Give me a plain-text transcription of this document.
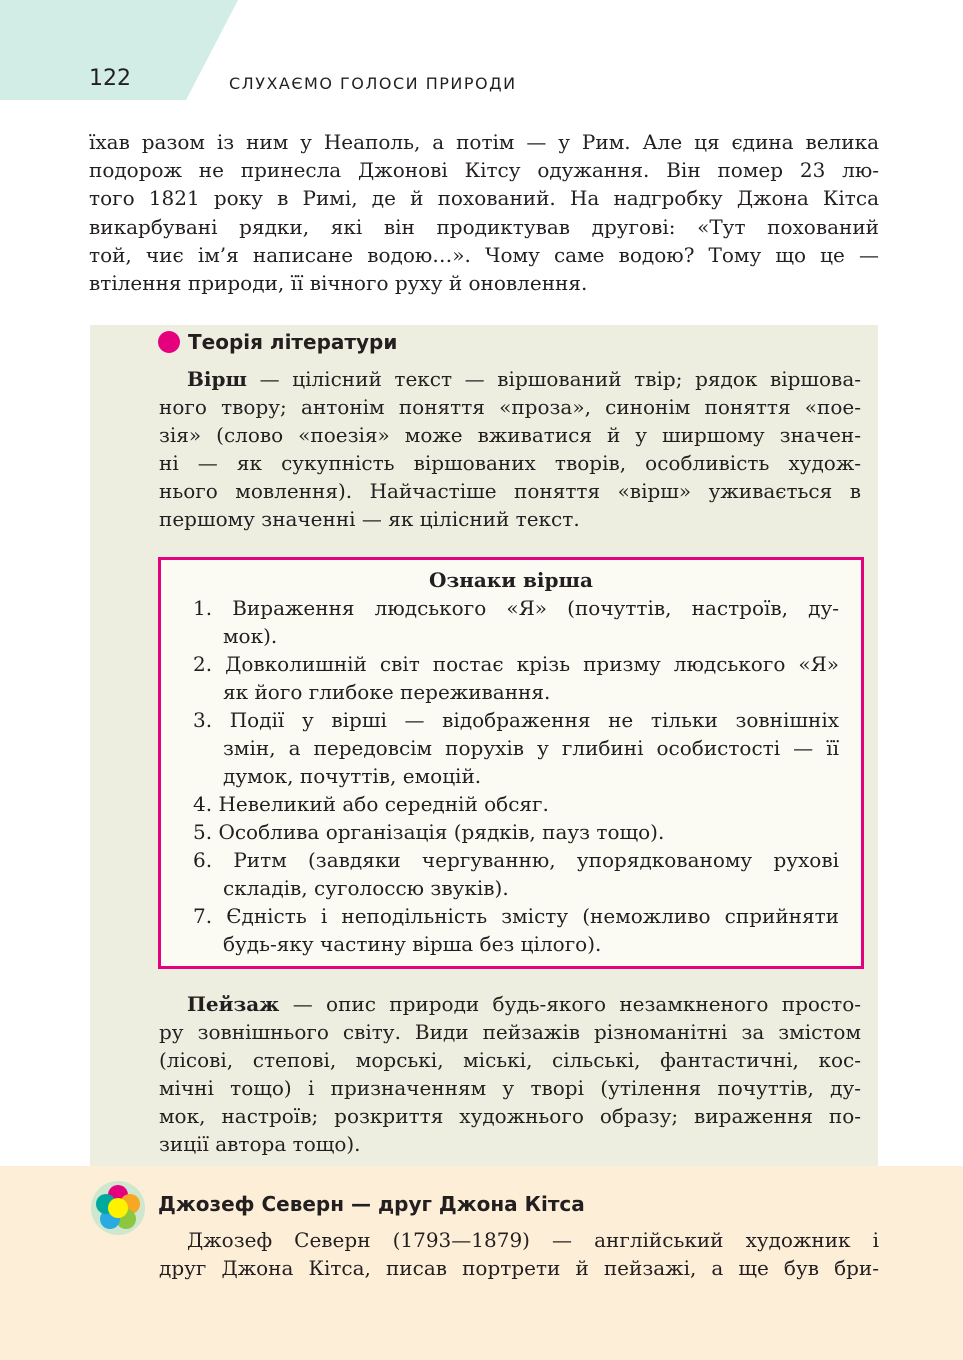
122	СЛУХАЄМО ГОЛОСИ ПРИРОДИ
їхав разом із ним у Неаполь, а потім — у Рим. Але ця єдина велика
подорож не принесла Джонові Кітсу одужання. Він помер 23 лю-
того 1821 року в Римі, де й похований. На надгробку Джона Кітса
викарбувані рядки, які він продиктував другові: «Тут похований
той, чиє ім’я написане водою…». Чому саме водою? Тому що це —
втілення природи, її вічного руху й оновлення.
Теорія літератури
Вірш — цілісний текст — віршований твір; рядок віршова-
ного твору; антонім поняття «проза», синонім поняття «пое-
зія» (слово «поезія» може вживатися й у ширшому значен-
ні — як сукупність віршованих творів, особливість худож-
нього мовлення). Найчастіше поняття «вірш» уживається в
першому значенні — як цілісний текст.
Ознаки вірша
1. Вираження людського «Я» (почуттів, настроїв, ду-
мок).
2. Довколишній світ постає крізь призму людського «Я»
як його глибоке переживання.
3. Події у вірші — відображення не тільки зовнішніх
змін, а передовсім порухів у глибині особистості — її
думок, почуттів, емоцій.
4. Невеликий або середній обсяг.
5. Особлива організація (рядків, пауз тощо).
6. Ритм (завдяки чергуванню, упорядкованому рухові
складів, суголоссю звуків).
7. Єдність і неподільність змісту (неможливо сприйняти
будь-яку частину вірша без цілого).
Пейзаж — опис природи будь-якого незамкненого просто-
ру зовнішнього світу. Види пейзажів різноманітні за змістом
(лісові, степові, морські, міські, сільські, фантастичні, кос-
мічні тощо) і призначенням у творі (утілення почуттів, ду-
мок, настроїв; розкриття художнього образу; вираження по-
зиції автора тощо).
Джозеф Северн — друг Джона Кітса
Джозеф Северн (1793—1879) — англійський художник і
друг Джона Кітса, писав портрети й пейзажі, а ще був бри-
